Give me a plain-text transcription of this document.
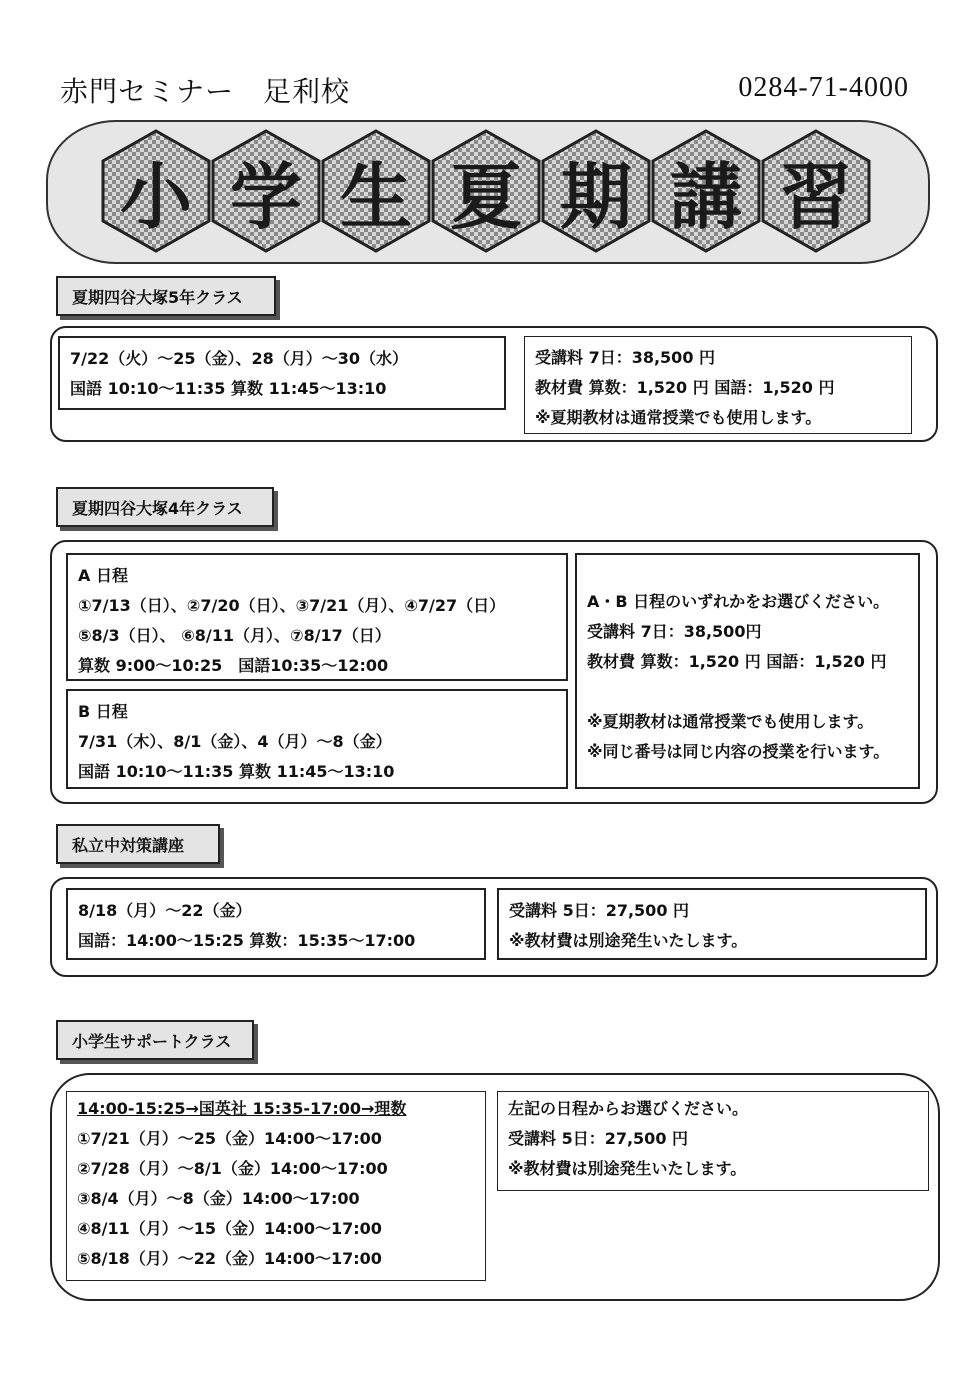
赤門セミナー　足利校	0284-71-4000
小 学 生 夏 期 講 習
夏期四谷大塚5年クラス
7/22（火）～25（金）、28（月）～30（水）
国語 10:10～11:35 算数 11:45～13:10
受講料 7日：38,500 円
教材費 算数：1,520 円 国語：1,520 円
※夏期教材は通常授業でも使用します。
夏期四谷大塚4年クラス
A 日程
①7/13（日）、②7/20（日）、③7/21（月）、④7/27（日）
⑤8/3（日）、 ⑥8/11（月）、⑦8/17（日）
算数 9:00～10:25　国語10:35～12:00
B 日程
7/31（木）、8/1（金）、4（月）～8（金）
国語 10:10～11:35 算数 11:45～13:10
A・B 日程のいずれかをお選びください。
受講料 7日：38,500円
教材費 算数：1,520 円 国語：1,520 円
※夏期教材は通常授業でも使用します。
※同じ番号は同じ内容の授業を行います。
私立中対策講座
8/18（月）～22（金）
国語：14:00～15:25 算数：15:35～17:00
受講料 5日：27,500 円
※教材費は別途発生いたします。
小学生サポートクラス
14:00-15:25→国英社 15:35-17:00→理数
①7/21（月）～25（金）14:00～17:00
②7/28（月）～8/1（金）14:00～17:00
③8/4（月）～8（金）14:00～17:00
④8/11（月）～15（金）14:00～17:00
⑤8/18（月）～22（金）14:00～17:00
左記の日程からお選びください。
受講料 5日：27,500 円
※教材費は別途発生いたします。
